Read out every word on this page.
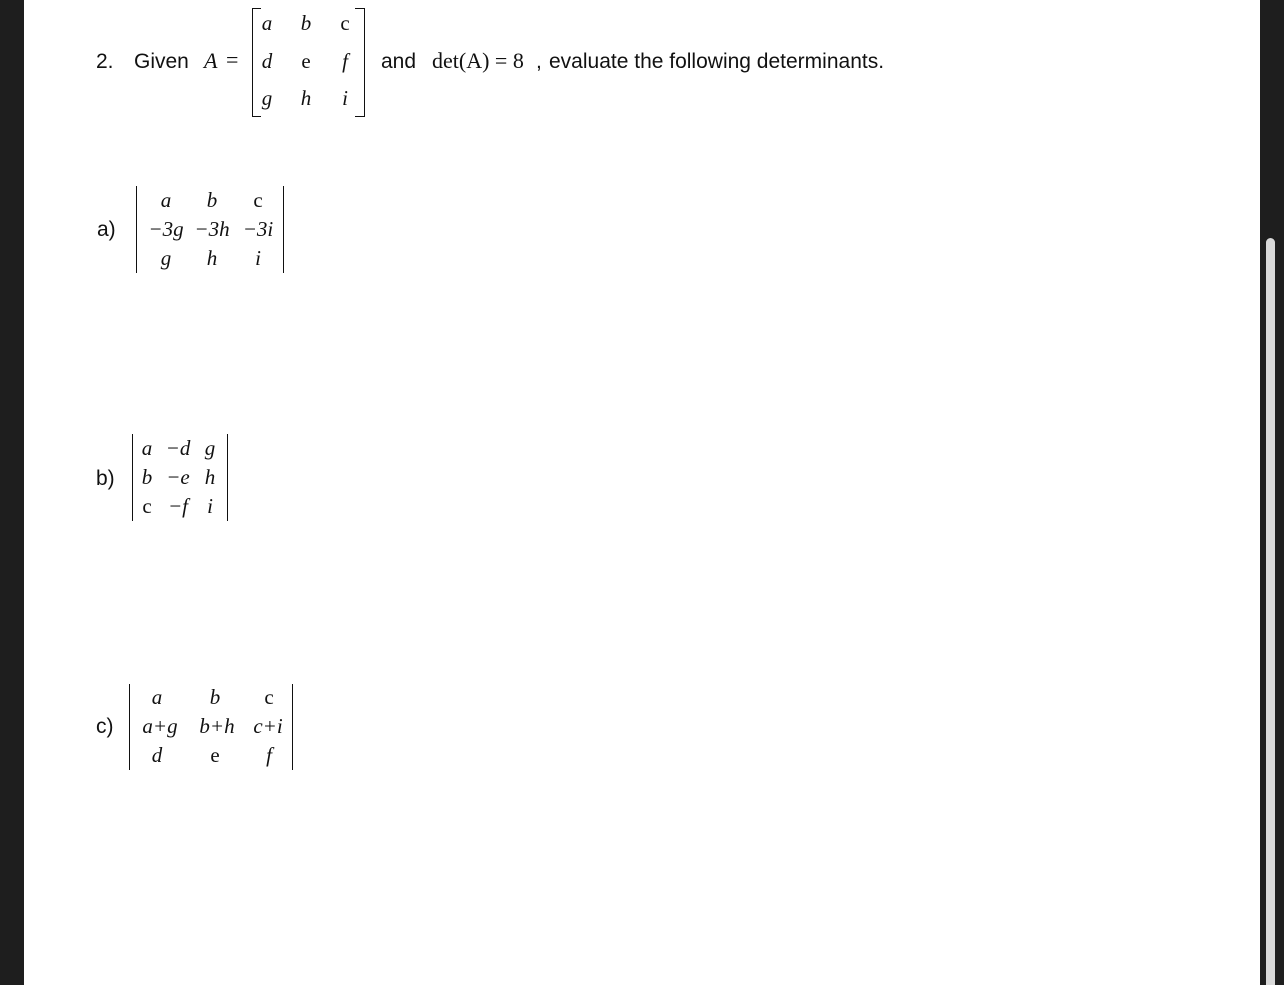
2. Given A =
a b c
d e f
g h i
and det(A) = 8 , evaluate the following determinants.
a)
a b c
−3g −3h −3i
g h i
b)
a −d g
b −e h
c −f i
c)
a b c
a+g b+h c+i
d e f
